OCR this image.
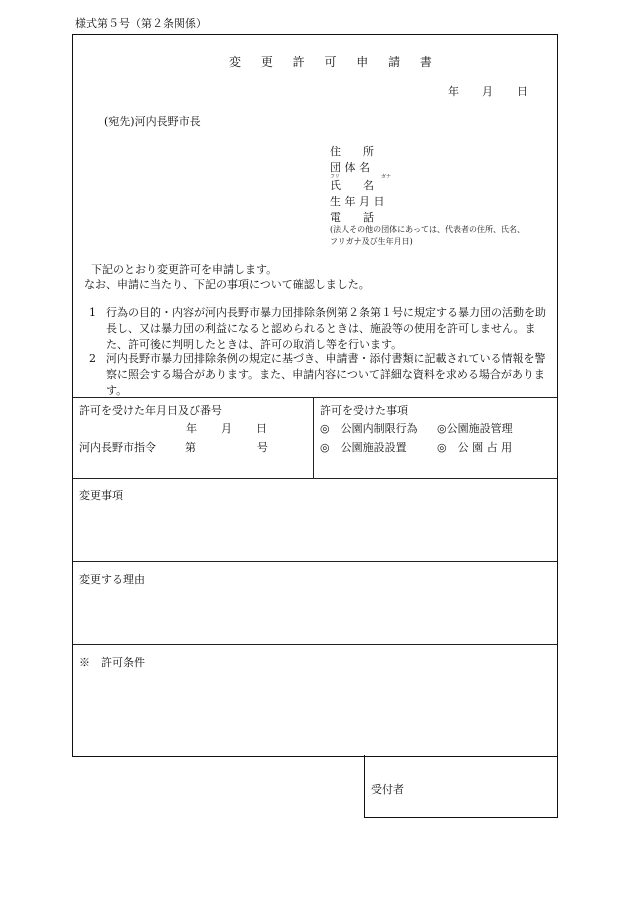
様式第５号（第２条関係）
変 更 許 可 申 請 書
年 月 日
(宛先)河内長野市長
住　　所
団 体 名
フリ	ガナ
氏　　名
生 年 月 日
電　　話
(法人その他の団体にあっては、代表者の住所、氏名、
フリガナ及び生年月日)
下記のとおり変更許可を申請します。
なお、申請に当たり、下記の事項について確認しました。
1 行為の目的・内容が河内長野市暴力団排除条例第２条第１号に規定する暴力団の活動を助長し、又は暴力団の利益になると認められるときは、施設等の使用を許可しません。また、許可後に判明したときは、許可の取消し等を行います。
2 河内長野市暴力団排除条例の規定に基づき、申請書・添付書類に記載されている情報を警察に照会する場合があります。また、申請内容について詳細な資料を求める場合があります。
許可を受けた年月日及び番号
年 月 日
河内長野市指令	第	号
許可を受けた事項
◎　公園内制限行為 ◎公園施設管理
◎　公園施設設置	◎　公 園 占 用
変更事項
変更する理由
※　許可条件
受付者
